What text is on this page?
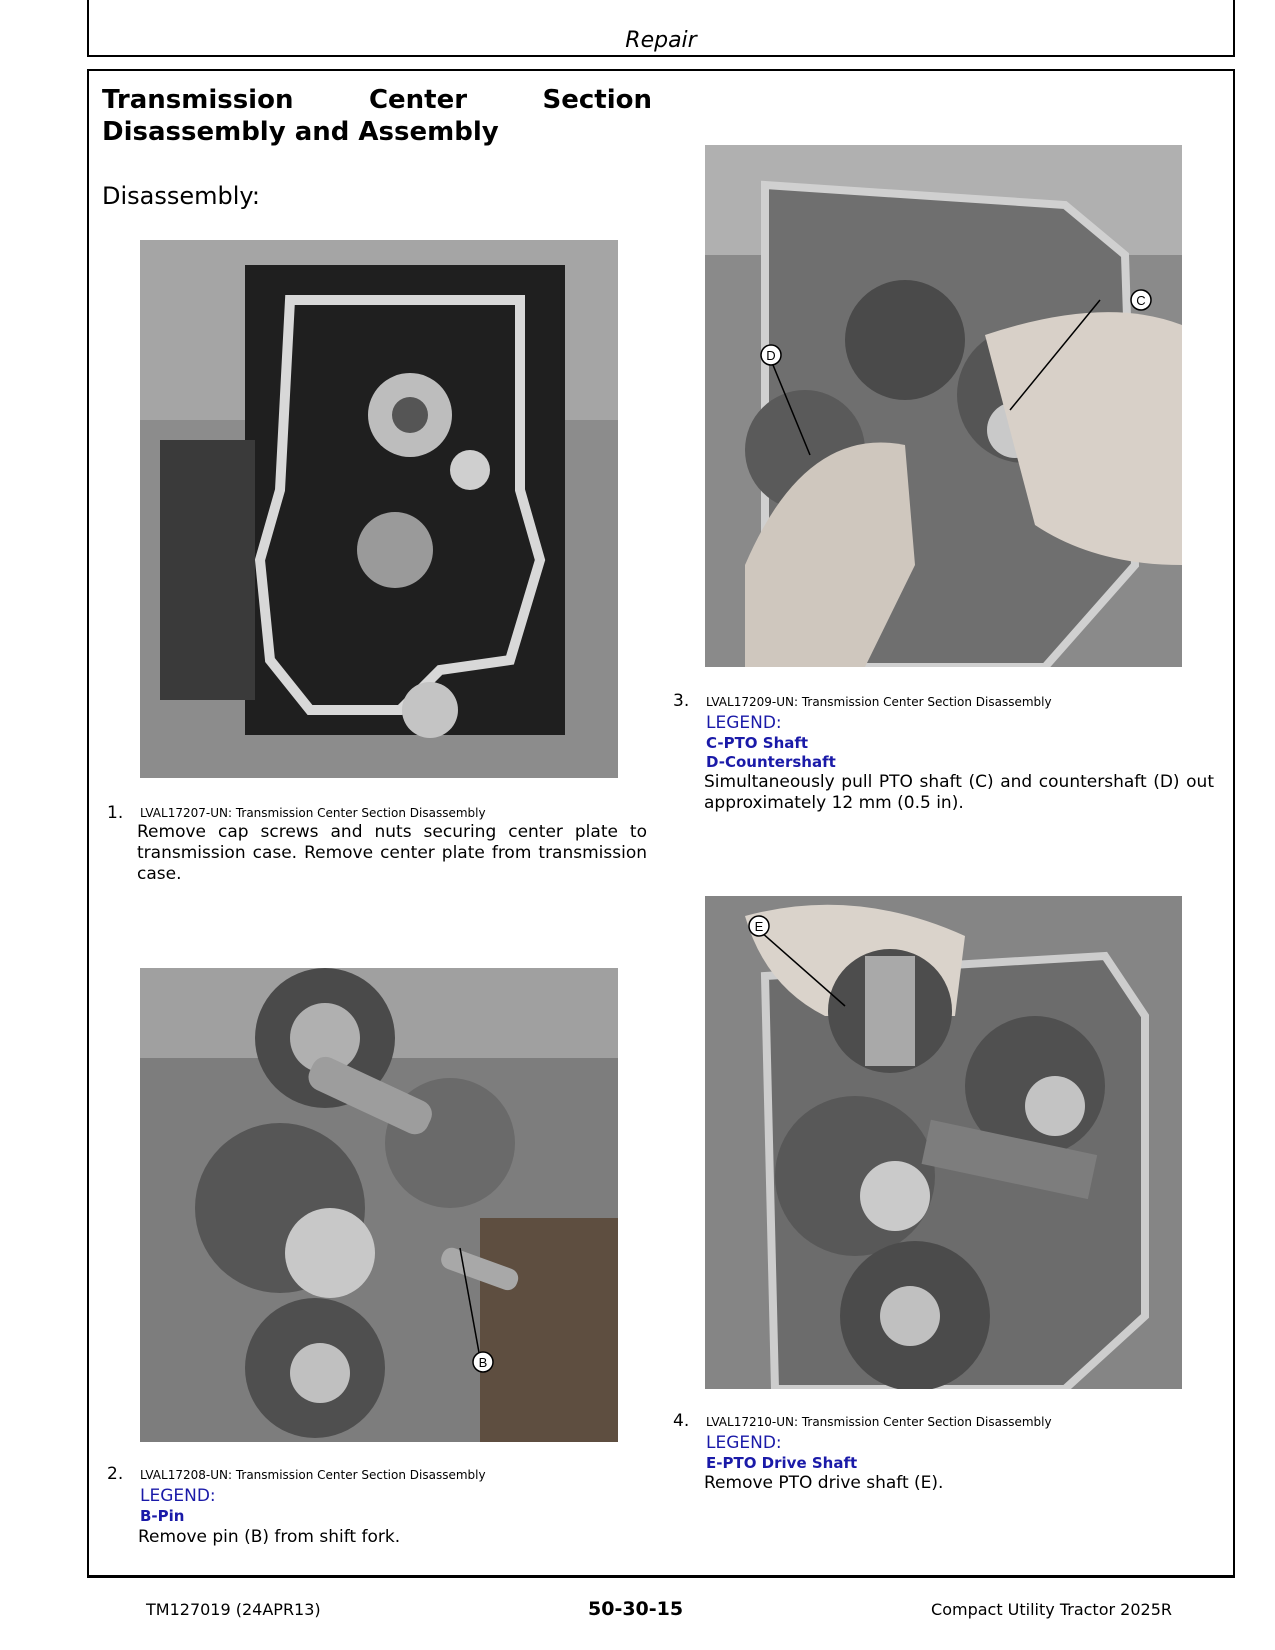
Repair
Transmission	Center	Section
Disassembly and Assembly
Disassembly:
1. LVAL17207-UN: Transmission Center Section Disassembly
Remove cap screws and nuts securing center plate to transmission case. Remove center plate from transmission case.
B
2. LVAL17208-UN: Transmission Center Section Disassembly
LEGEND:
B-Pin
Remove pin (B) from shift fork.
C
D
3. LVAL17209-UN: Transmission Center Section Disassembly
LEGEND:
C-PTO Shaft
D-Countershaft
Simultaneously pull PTO shaft (C) and countershaft (D) out approximately 12 mm (0.5 in).
E
4. LVAL17210-UN: Transmission Center Section Disassembly
LEGEND:
E-PTO Drive Shaft
Remove PTO drive shaft (E).
TM127019 (24APR13)	50-30-15	Compact Utility Tractor 2025R
